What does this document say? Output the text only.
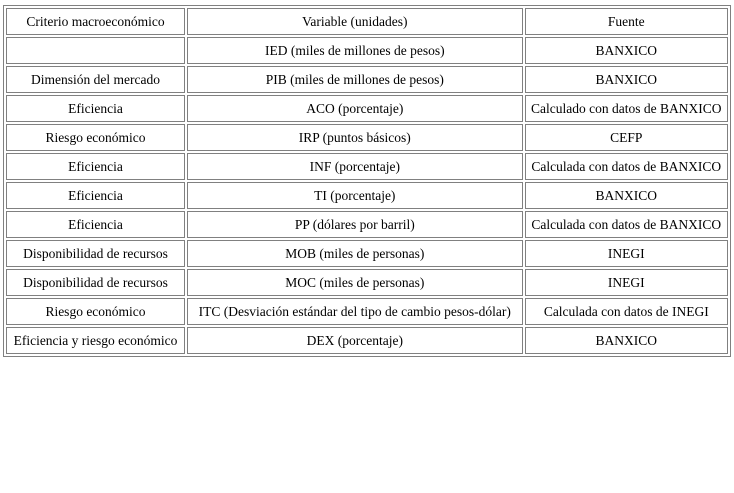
Criterio macroeconómico	Variable (unidades)	Fuente
	IED (miles de millones de pesos)	BANXICO
Dimensión del mercado	PIB (miles de millones de pesos)	BANXICO
Eficiencia	ACO (porcentaje)	Calculado con datos de BANXICO
Riesgo económico	IRP (puntos básicos)	CEFP
Eficiencia	INF (porcentaje)	Calculada con datos de BANXICO
Eficiencia	TI (porcentaje)	BANXICO
Eficiencia	PP (dólares por barril)	Calculada con datos de BANXICO
Disponibilidad de recursos	MOB (miles de personas)	INEGI
Disponibilidad de recursos	MOC (miles de personas)	INEGI
Riesgo económico	ITC (Desviación estándar del tipo de cambio pesos-dólar)	Calculada con datos de INEGI
Eficiencia y riesgo económico	DEX (porcentaje)	BANXICO
